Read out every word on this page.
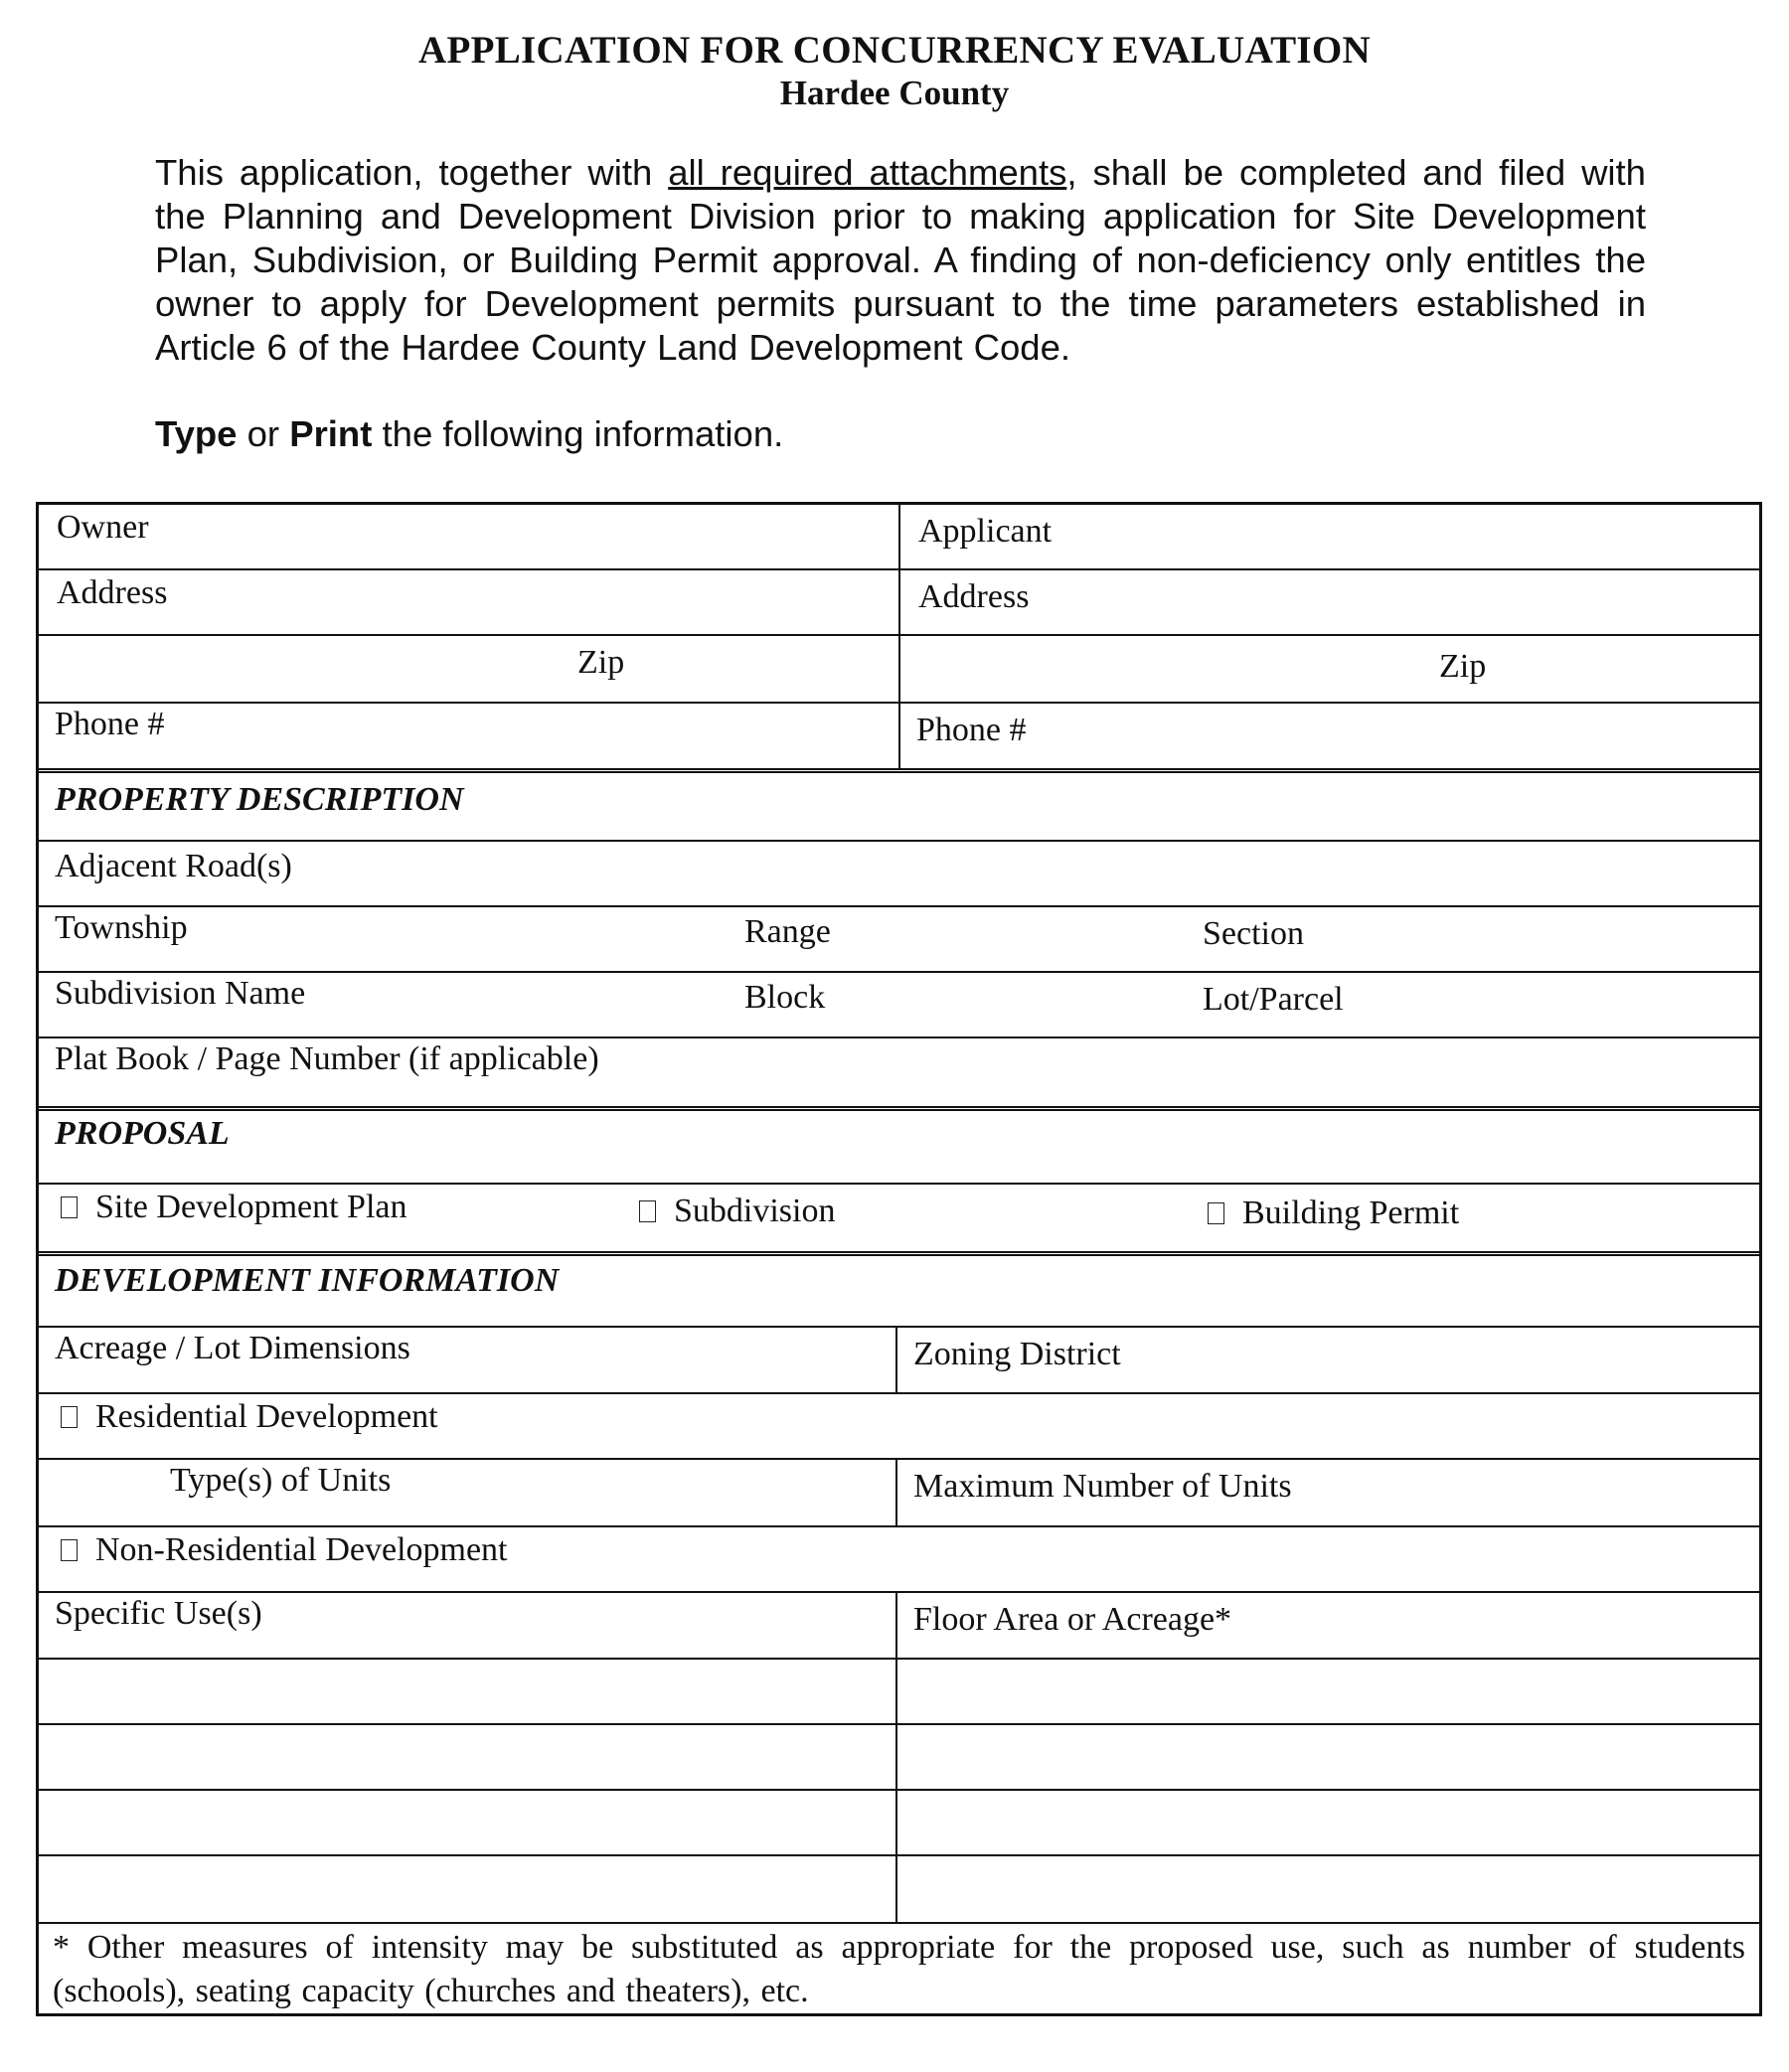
APPLICATION FOR CONCURRENCY EVALUATION
Hardee County
This application, together with all required attachments, shall be completed and filed with the Planning and Development Division prior to making application for Site Development Plan, Subdivision, or Building Permit approval. A finding of non-deficiency only entitles the owner to apply for Development permits pursuant to the time parameters established in Article 6 of the Hardee County Land Development Code.
Type or Print the following information.
Owner	Applicant
Address	Address
Zip	Zip
Phone #	Phone #
PROPERTY DESCRIPTION
Adjacent Road(s)
Township	Range	Section
Subdivision Name	Block	Lot/Parcel
Plat Book / Page Number (if applicable)
PROPOSAL
Site Development Plan	Subdivision	Building Permit
DEVELOPMENT INFORMATION
Acreage / Lot Dimensions	Zoning District
Residential Development
Type(s) of Units	Maximum Number of Units
Non-Residential Development
Specific Use(s)	Floor Area or Acreage*
* Other measures of intensity may be substituted as appropriate for the proposed use, such as number of students (schools), seating capacity (churches and theaters), etc.
